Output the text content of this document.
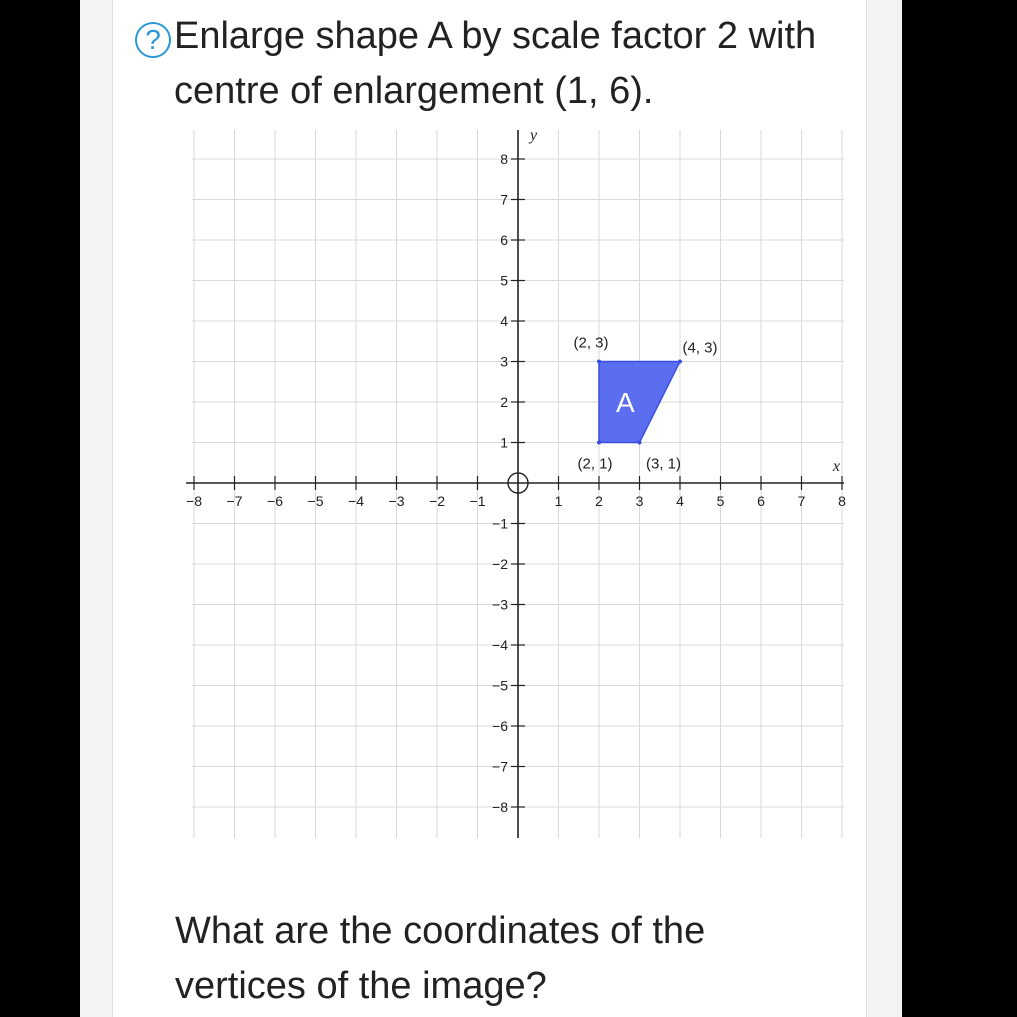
? Enlarge shape A by scale factor 2 with
centre of enlargement (1, 6).
−8 −7 −6 −5 −4 −3 −2 −1	1 2 3 4 5 6 7 8
8
7
6
5
4
3
2
1
−1
−2
−3
−4
−5
−6
−7
−8
x
y
A
(2, 3)	(4, 3)
(3, 1)
(2, 1)
What are the coordinates of the
vertices of the image?
